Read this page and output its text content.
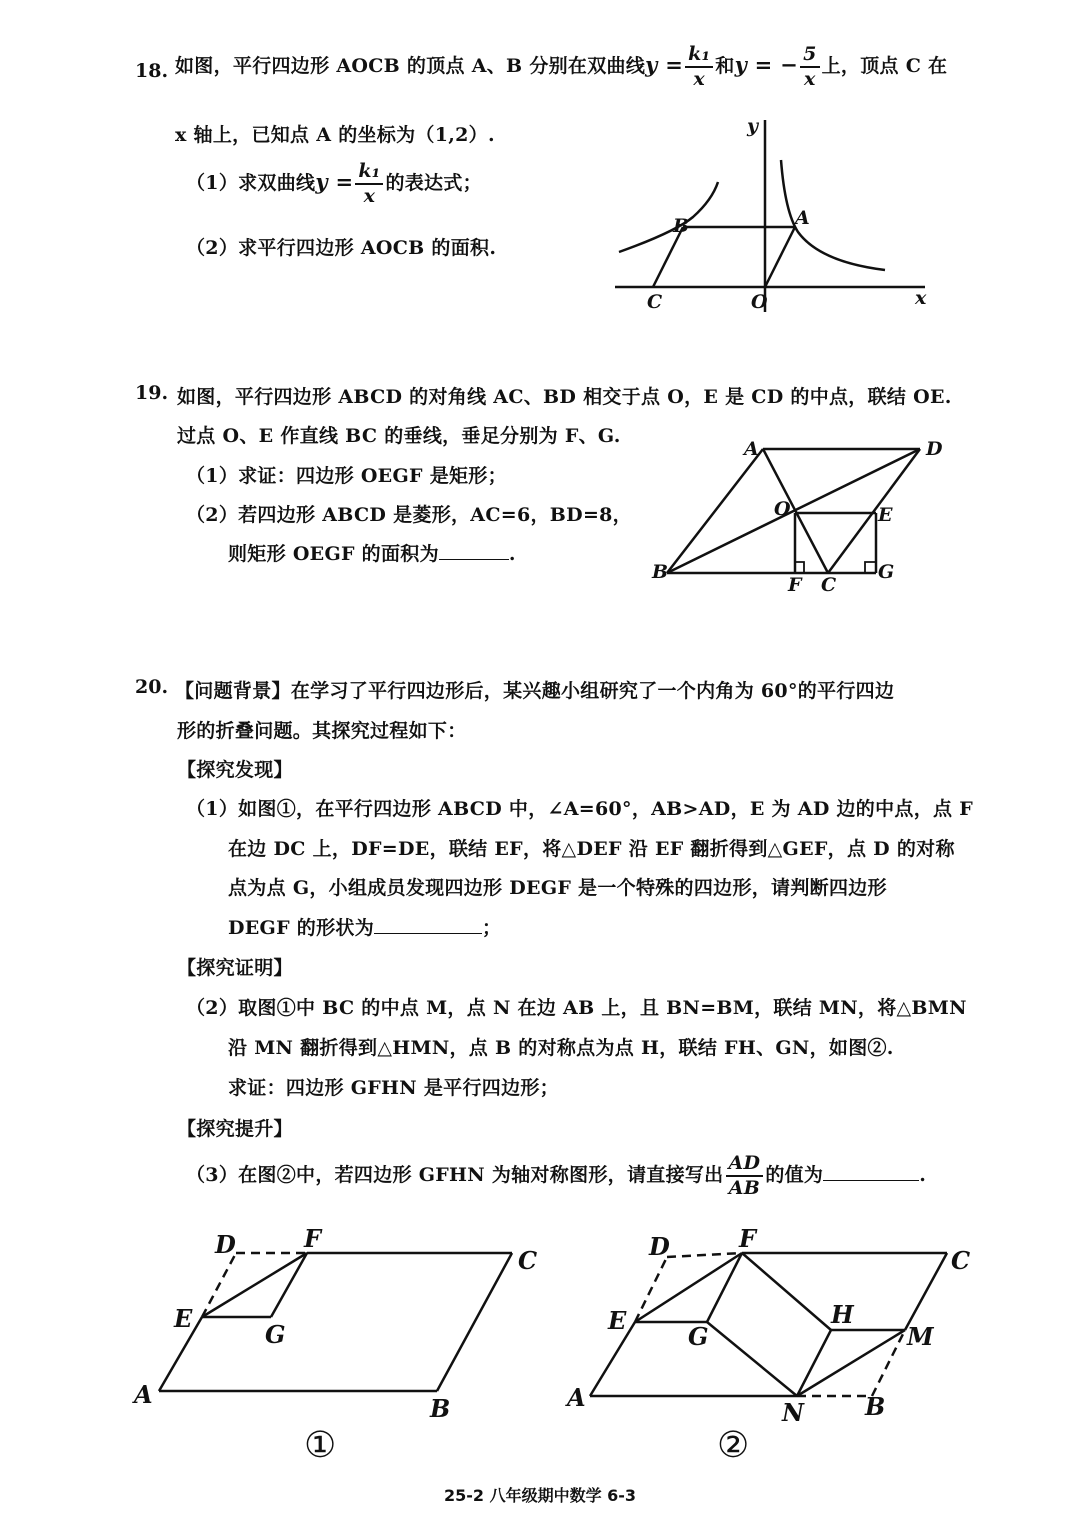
18. 如图，平行四边形 AOCB 的顶点 A、B 分别在双曲线$y = \frac{\text{k₁}}{x}$ 和y = − $\frac{5}{x}$ 上，顶点 C 在
x 轴上，已知点 A 的坐标为（1,2）.
（1）求双曲线$y = \frac{\text{k₁}}{x}$ 的表达式；
（2）求平行四边形 AOCB 的面积.
y
x
A
B
C	O
19. 如图，平行四边形 ABCD 的对角线 AC、BD 相交于点 O，E 是 CD 的中点，联结 OE.
过点 O、E 作直线 BC 的垂线，垂足分别为 F、G.
（1）求证：四边形 OEGF 是矩形；
（2）若四边形 ABCD 是菱形，AC=6，BD=8，
则矩形 OEGF 的面积为	.
A	D
O	E
B
F C
G
20. 【问题背景】在学习了平行四边形后，某兴趣小组研究了一个内角为 60°的平行四边
形的折叠问题。其探究过程如下：
【探究发现】
（1）如图①，在平行四边形 ABCD 中，∠A=60°，AB>AD，E 为 AD 边的中点，点 F
在边 DC 上，DF=DE，联结 EF，将△DEF 沿 EF 翻折得到△GEF，点 D 的对称
点为点 G，小组成员发现四边形 DEGF 是一个特殊的四边形，请判断四边形
DEGF 的形状为	；
【探究证明】
（2）取图①中 BC 的中点 M，点 N 在边 AB 上，且 BN=BM，联结 MN，将△BMN
沿 MN 翻折得到△HMN，点 B 的对称点为点 H，联结 FH、GN，如图②.
求证：四边形 GFHN 是平行四边形；
【探究提升】
（3）在图②中，若四边形 GFHN 为轴对称图形，请直接写出 $\frac{AD}{AB}$ 的值为	.
D	F
C
E
G
A	B
①
D	F
C
E
G
H
M
A
N	B
②
25-2 八年级期中数学 6-3
